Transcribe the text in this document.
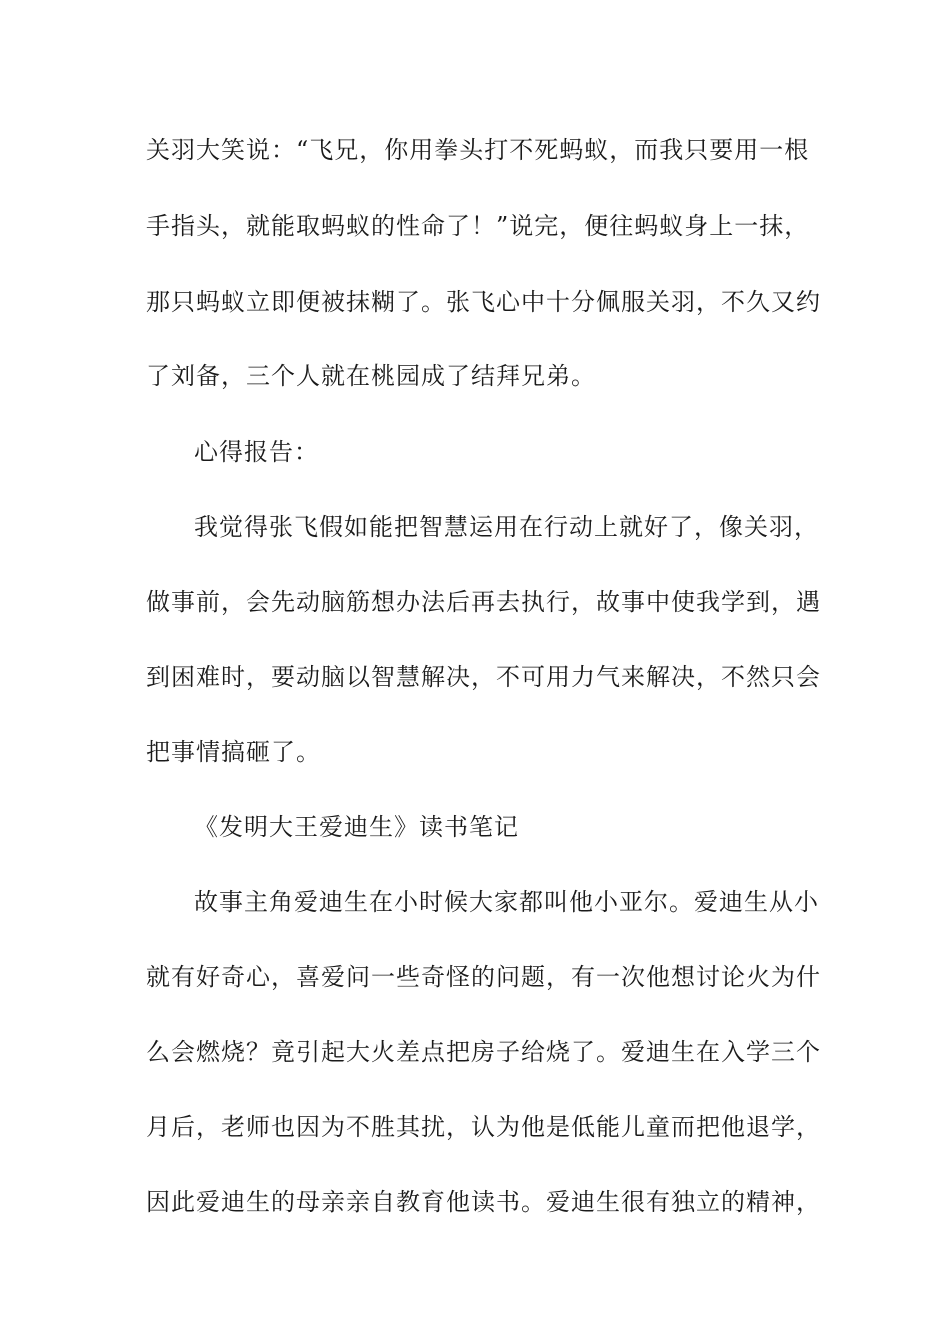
关羽大笑说：“飞兄，你用拳头打不死蚂蚁，而我只要用一根
手指头，就能取蚂蚁的性命了！”说完，便往蚂蚁身上一抹，
那只蚂蚁立即便被抹糊了。张飞心中十分佩服关羽，不久又约
了刘备，三个人就在桃园成了结拜兄弟。
心得报告：
我觉得张飞假如能把智慧运用在行动上就好了，像关羽，
做事前，会先动脑筋想办法后再去执行，故事中使我学到，遇
到困难时，要动脑以智慧解决，不可用力气来解决，不然只会
把事情搞砸了。
《发明大王爱迪生》读书笔记
故事主角爱迪生在小时候大家都叫他小亚尔。爱迪生从小
就有好奇心，喜爱问一些奇怪的问题，有一次他想讨论火为什
么会燃烧？竟引起大火差点把房子给烧了。爱迪生在入学三个
月后，老师也因为不胜其扰，认为他是低能儿童而把他退学，
因此爱迪生的母亲亲自教育他读书。爱迪生很有独立的精神，
